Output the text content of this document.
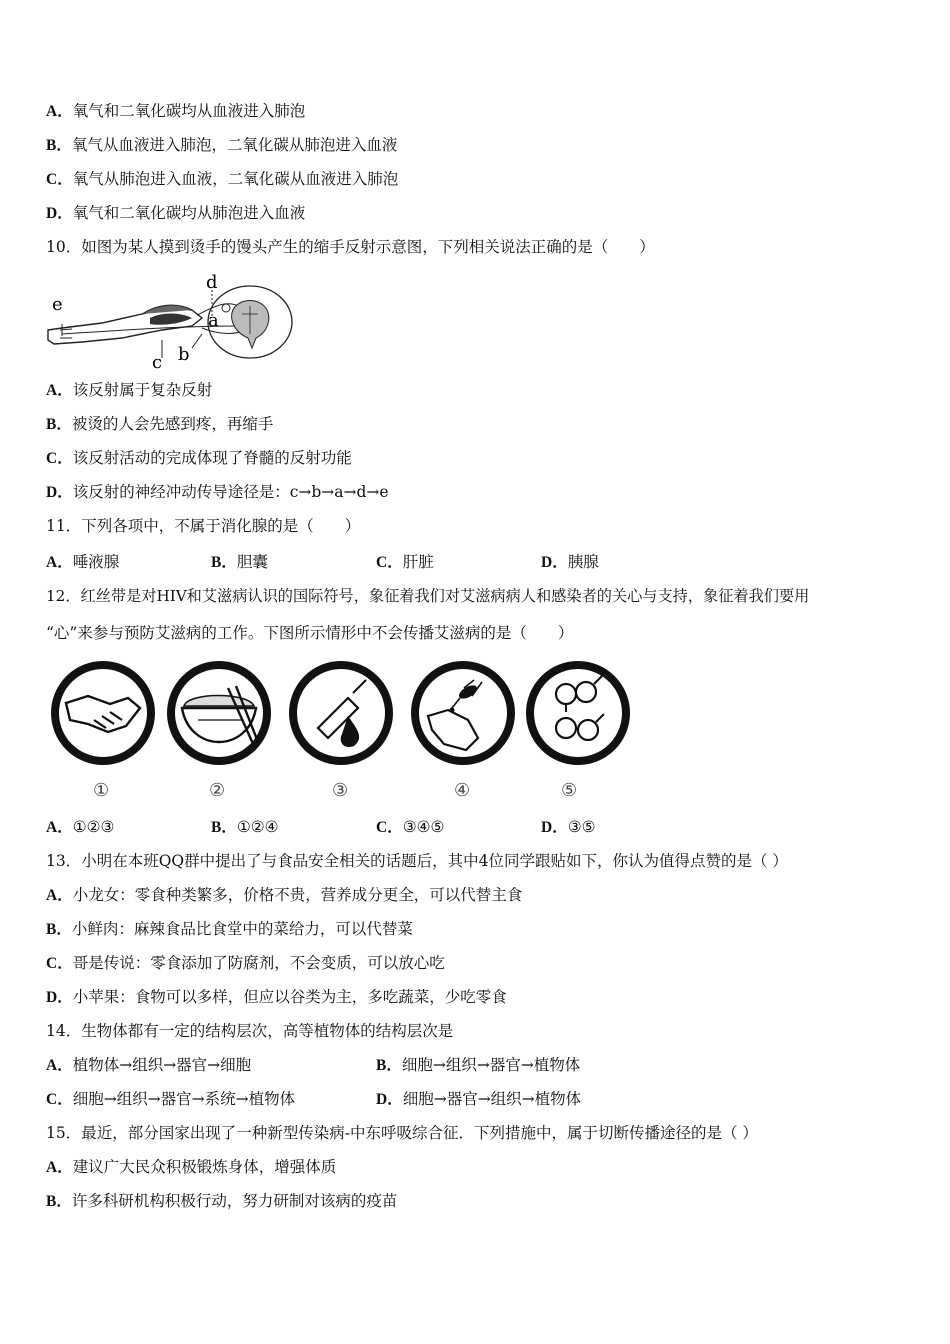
A．氧气和二氧化碳均从血液进入肺泡
B．氧气从血液进入肺泡，二氧化碳从肺泡进入血液
C．氧气从肺泡进入血液，二氧化碳从血液进入肺泡
D．氧气和二氧化碳均从肺泡进入血液
10．如图为某人摸到烫手的馒头产生的缩手反射示意图，下列相关说法正确的是（　　）
e
d
a
c b
A．该反射属于复杂反射
B．被烫的人会先感到疼，再缩手
C．该反射活动的完成体现了脊髓的反射功能
D．该反射的神经冲动传导途径是：c→b→a→d→e
11．下列各项中，不属于消化腺的是（　　）
A．唾液腺	B．胆囊	C．肝脏	D．胰腺
12．红丝带是对HIV和艾滋病认识的国际符号，象征着我们对艾滋病病人和感染者的关心与支持，象征着我们要用
“心”来参与预防艾滋病的工作。下图所示情形中不会传播艾滋病的是（　　）
①	②	③	④	⑤
A．①②③	B．①②④	C．③④⑤	D．③⑤
13．小明在本班QQ群中提出了与食品安全相关的话题后，其中4位同学跟贴如下，你认为值得点赞的是（ ）
A．小龙女：零食种类繁多，价格不贵，营养成分更全，可以代替主食
B．小鲜肉：麻辣食品比食堂中的菜给力，可以代替菜
C．哥是传说：零食添加了防腐剂，不会变质，可以放心吃
D．小苹果：食物可以多样，但应以谷类为主，多吃蔬菜，少吃零食
14．生物体都有一定的结构层次，高等植物体的结构层次是
A．植物体→组织→器官→细胞	B．细胞→组织→器官→植物体
C．细胞→组织→器官→系统→植物体	D．细胞→器官→组织→植物体
15．最近，部分国家出现了一种新型传染病-中东呼吸综合征．下列措施中，属于切断传播途径的是（ ）
A．建议广大民众积极锻炼身体，增强体质
B．许多科研机构积极行动，努力研制对该病的疫苗
